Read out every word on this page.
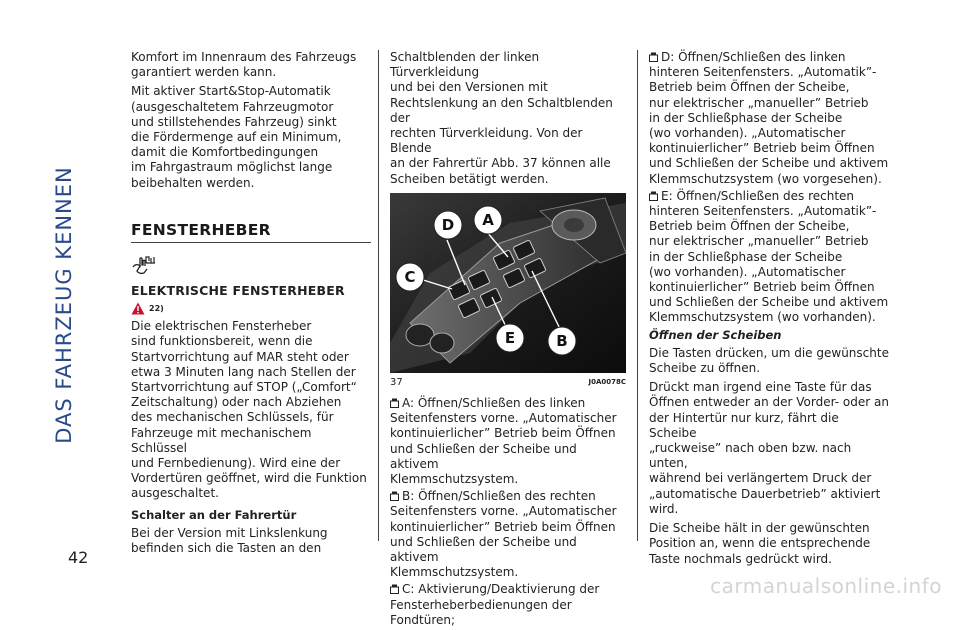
DAS FAHRZEUG KENNEN
42

Komfort im Innenraum des Fahrzeugs
garantiert werden kann.

Mit aktiver Start&Stop-Automatik
(ausgeschaltetem Fahrzeugmotor
und stillstehendes Fahrzeug) sinkt
die Fördermenge auf ein Minimum,
damit die Komfortbedingungen
im Fahrgastraum möglichst lange
beibehalten werden.

FENSTERHEBER
ELEKTRISCHE FENSTERHEBER
22)

Die elektrischen Fensterheber
sind funktionsbereit, wenn die
Startvorrichtung auf MAR steht oder
etwa 3 Minuten lang nach Stellen der
Startvorrichtung auf STOP („Comfort“
Zeitschaltung) oder nach Abziehen
des mechanischen Schlüssels, für
Fahrzeuge mit mechanischem Schlüssel
und Fernbedienung). Wird eine der
Vordertüren geöffnet, wird die Funktion
ausgeschaltet.

Schalter an der Fahrertür

Bei der Version mit Linkslenkung
befinden sich die Tasten an den

Schaltblenden der linken Türverkleidung
und bei den Versionen mit
Rechtslenkung an den Schaltblenden der
rechten Türverkleidung. Von der Blende
an der Fahrertür Abb. 37 können alle
Scheiben betätigt werden.

D A
C
E	B
37	J0A0078C

A: Öffnen/Schließen des linken
Seitenfensters vorne. „Automatischer
kontinuierlicher” Betrieb beim Öffnen
und Schließen der Scheibe und aktivem
Klemmschutzsystem.

B: Öffnen/Schließen des rechten
Seitenfensters vorne. „Automatischer
kontinuierlicher” Betrieb beim Öffnen
und Schließen der Scheibe und aktivem
Klemmschutzsystem.

C: Aktivierung/Deaktivierung der
Fensterheberbedienungen der Fondtüren;

D: Öffnen/Schließen des linken
hinteren Seitenfensters. „Automatik”-
Betrieb beim Öffnen der Scheibe,
nur elektrischer „manueller” Betrieb
in der Schließphase der Scheibe
(wo vorhanden). „Automatischer
kontinuierlicher” Betrieb beim Öffnen
und Schließen der Scheibe und aktivem
Klemmschutzsystem (wo vorgesehen).

E: Öffnen/Schließen des rechten
hinteren Seitenfensters. „Automatik”-
Betrieb beim Öffnen der Scheibe,
nur elektrischer „manueller” Betrieb
in der Schließphase der Scheibe
(wo vorhanden). „Automatischer
kontinuierlicher” Betrieb beim Öffnen
und Schließen der Scheibe und aktivem
Klemmschutzsystem (wo vorhanden).

Öffnen der Scheiben

Die Tasten drücken, um die gewünschte
Scheibe zu öffnen.

Drückt man irgend eine Taste für das
Öffnen entweder an der Vorder- oder an
der Hintertür nur kurz, fährt die Scheibe
„ruckweise” nach oben bzw. nach unten,
während bei verlängertem Druck der
„automatische Dauerbetrieb” aktiviert
wird.

Die Scheibe hält in der gewünschten
Position an, wenn die entsprechende
Taste nochmals gedrückt wird.

carmanualsonline.info
